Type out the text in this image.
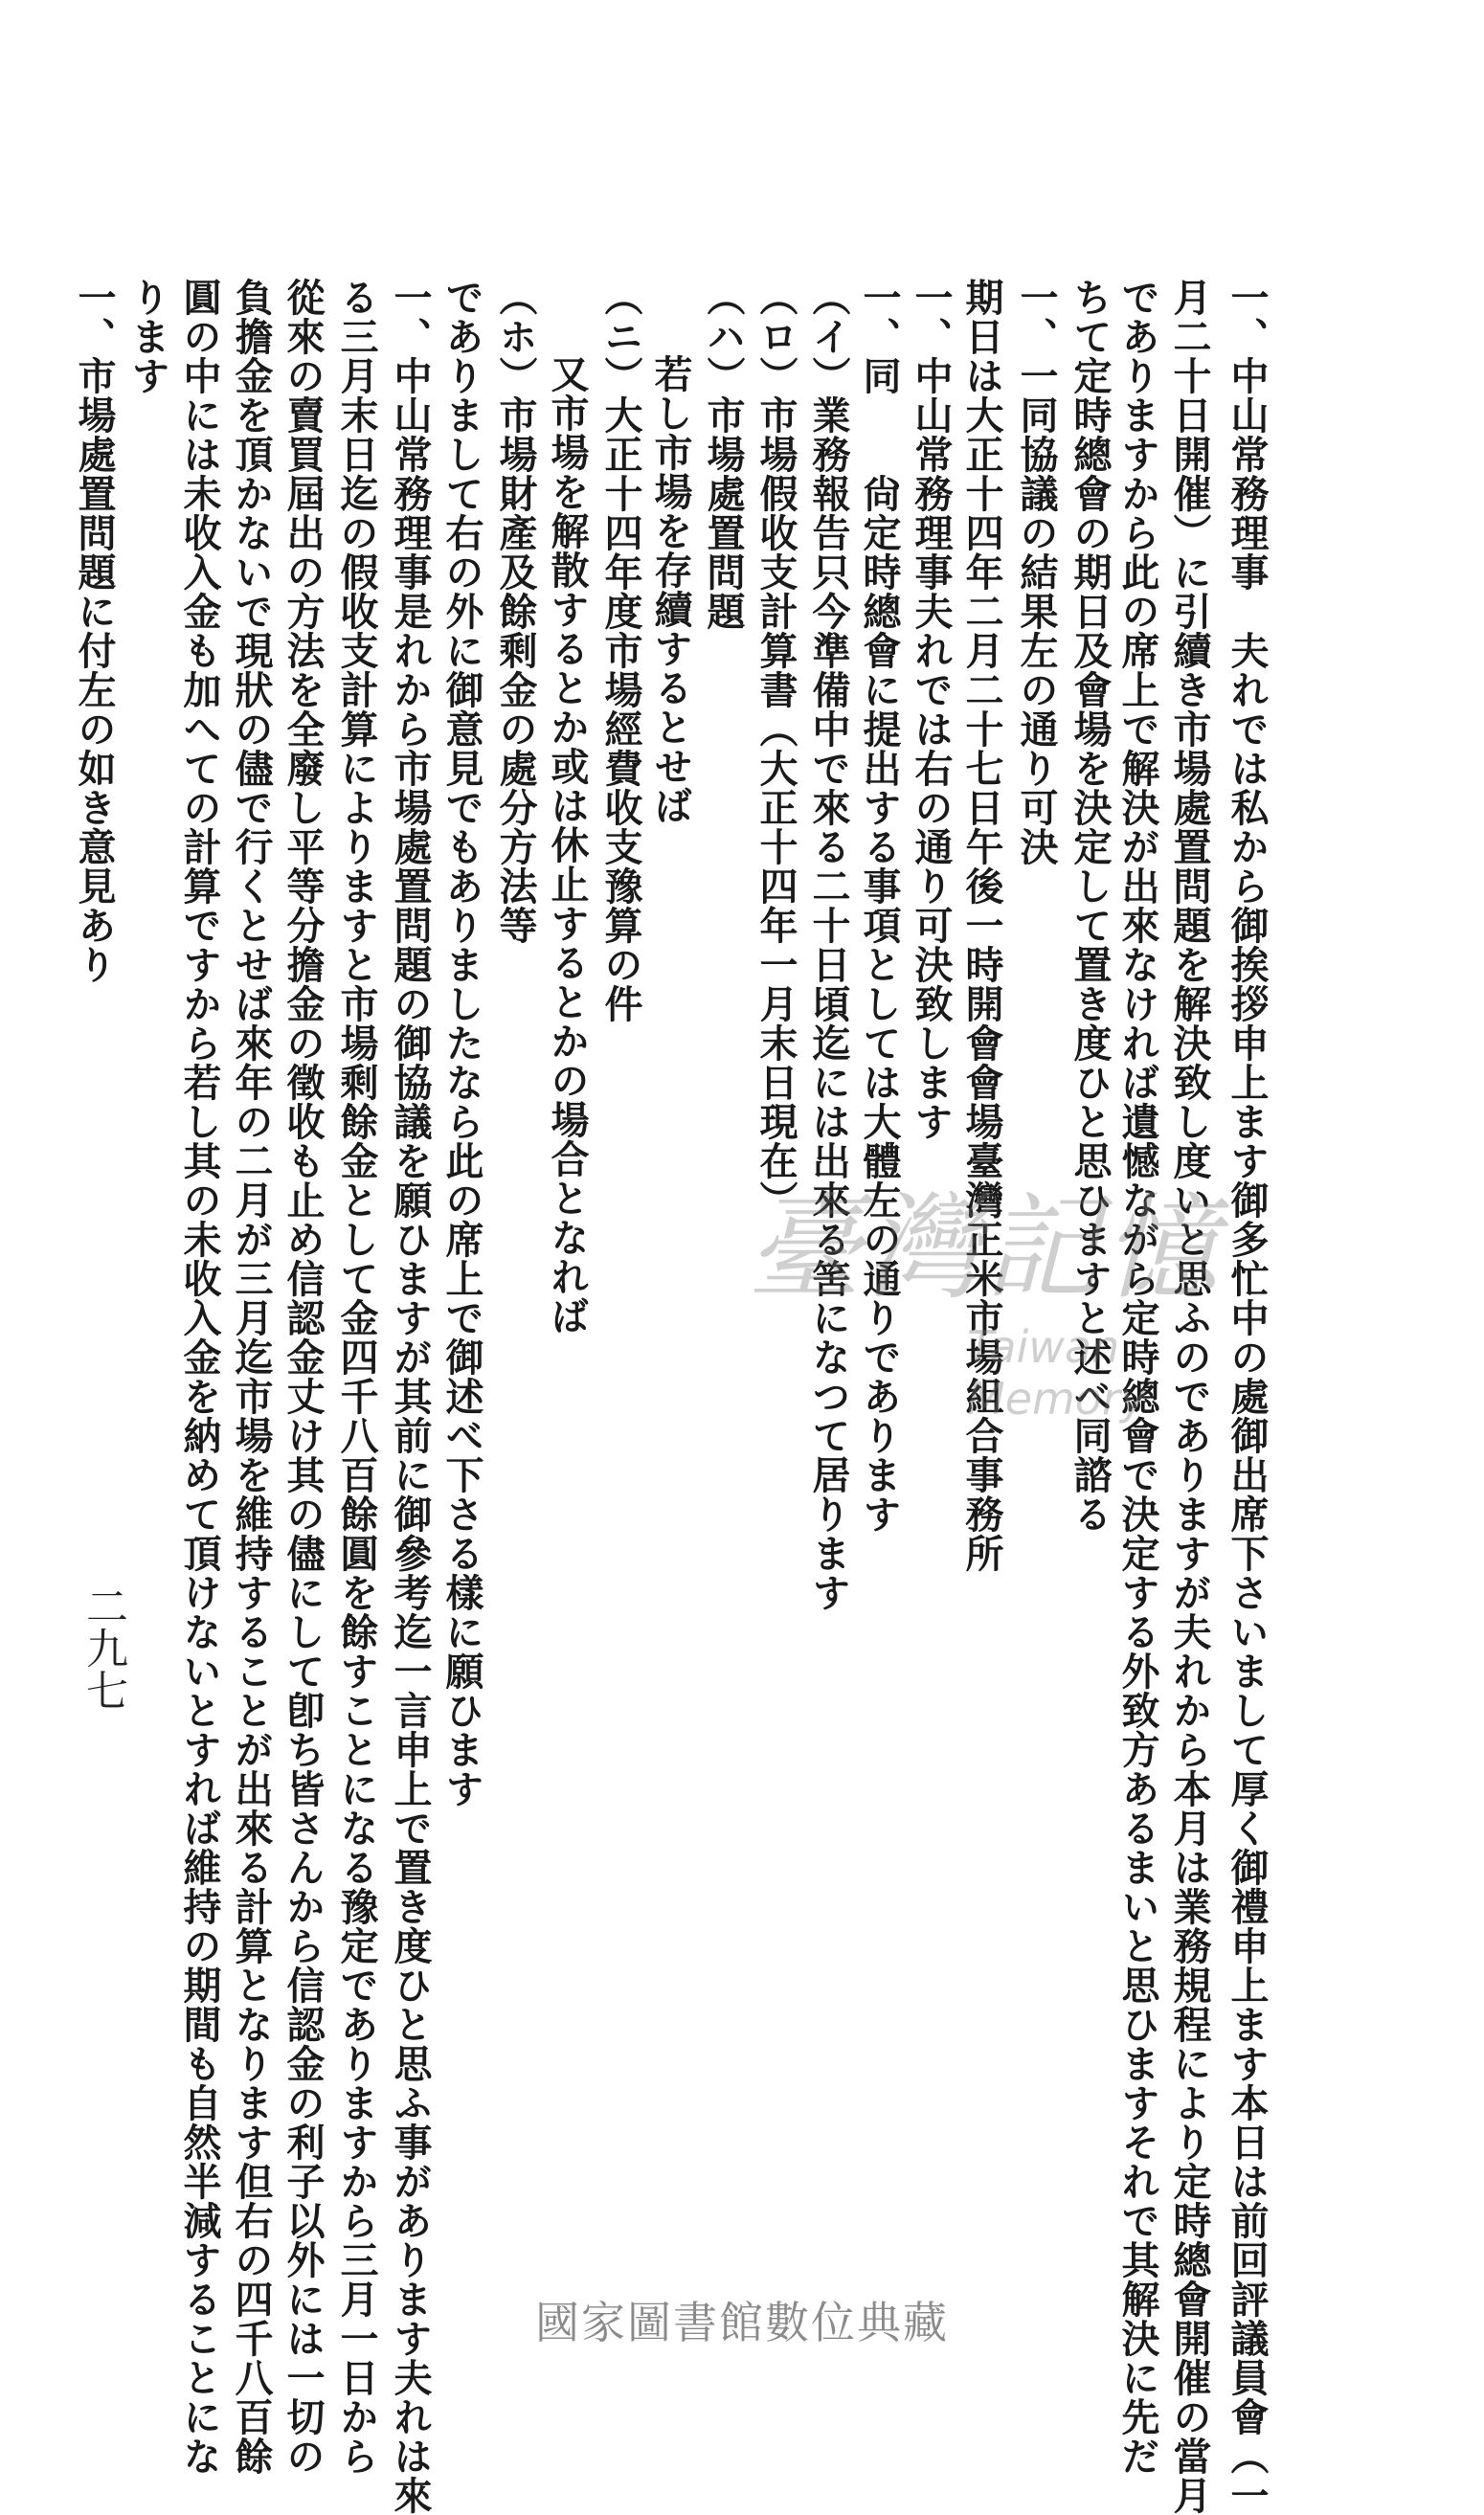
一、中山常務理事　夫れでは私から御挨拶申上ます御多忙中の處御出席下さいまして厚く御禮申上ます本日は前回評議員會（一
月二十日開催）に引續き市場處置問題を解決致し度いと思ふのでありますが夫れから本月は業務規程により定時總會開催の當月
でありますから此の席上で解決が出來なければ遺憾ながら定時總會で決定する外致方あるまいと思ひますそれで其解決に先だ
ちて定時總會の期日及會場を決定して置き度ひと思ひますと述べ同諮る
一、一同協議の結果左の通り可決
期日は大正十四年二月二十七日午後一時開會會場臺灣正米市場組合事務所
一、中山常務理事夫れでは右の通り可決致します
一、同　　尙定時總會に提出する事項としては大體左の通りであります
（イ）業務報告只今準備中で來る二十日頃迄には出來る筈になつて居ります
（ロ）市場假收支計算書（大正十四年一月末日現在）
（ハ）市場處置問題
若し市場を存續するとせば
（ニ）大正十四年度市場經費收支豫算の件
又市場を解散するとか或は休止するとかの場合となれば
（ホ）市場財產及餘剩金の處分方法等
でありまして右の外に御意見でもありましたなら此の席上で御述べ下さる樣に願ひます
一、中山常務理事是れから市場處置問題の御協議を願ひますが其前に御參考迄一言申上で置き度ひと思ふ事があります夫れは來
る三月末日迄の假收支計算によりますと市場剩餘金として金四千八百餘圓を餘すことになる豫定でありますから三月一日から
從來の賣買屆出の方法を全廢し平等分擔金の徵收も止め信認金丈け其の儘にして卽ち皆さんから信認金の利子以外には一切の
負擔金を頂かないで現狀の儘で行くとせば來年の二月が三月迄市場を維持することが出來る計算となります但右の四千八百餘
圓の中には未收入金も加へての計算ですから若し其の未收入金を納めて頂けないとすれば維持の期間も自然半減することにな
ります
一、市場處置問題に付左の如き意見あり
臺灣記憶
Taiwan Memory
二九七
國家圖書館數位典藏
